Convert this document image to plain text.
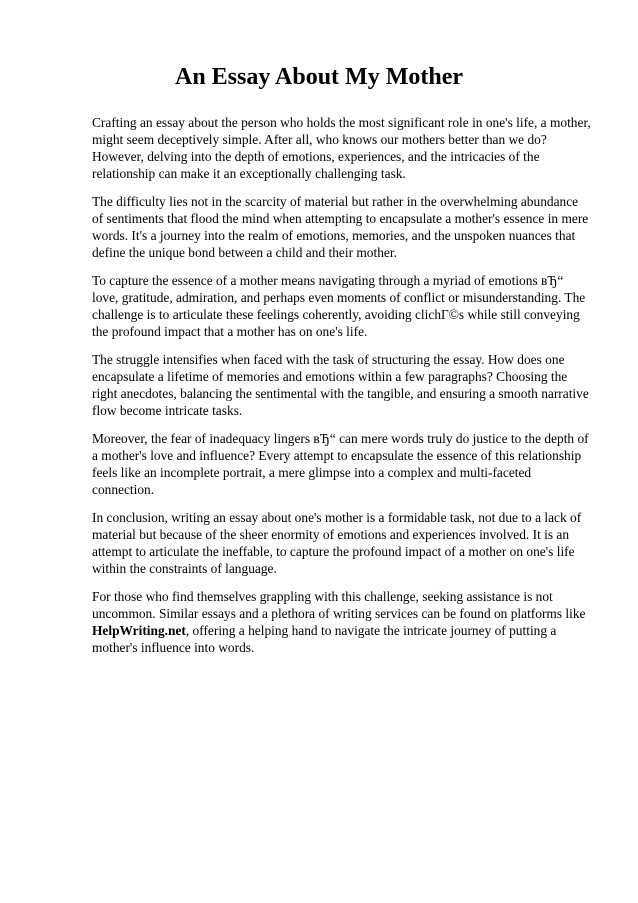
An Essay About My Mother

Crafting an essay about the person who holds the most significant role in one's life, a mother, might seem deceptively simple. After all, who knows our mothers better than we do? However, delving into the depth of emotions, experiences, and the intricacies of the relationship can make it an exceptionally challenging task.

The difficulty lies not in the scarcity of material but rather in the overwhelming abundance of sentiments that flood the mind when attempting to encapsulate a mother's essence in mere words. It's a journey into the realm of emotions, memories, and the unspoken nuances that define the unique bond between a child and their mother.

To capture the essence of a mother means navigating through a myriad of emotions вЂ“ love, gratitude, admiration, and perhaps even moments of conflict or misunderstanding. The challenge is to articulate these feelings coherently, avoiding clichГ©s while still conveying the profound impact that a mother has on one's life.

The struggle intensifies when faced with the task of structuring the essay. How does one encapsulate a lifetime of memories and emotions within a few paragraphs? Choosing the right anecdotes, balancing the sentimental with the tangible, and ensuring a smooth narrative flow become intricate tasks.

Moreover, the fear of inadequacy lingers вЂ“ can mere words truly do justice to the depth of a mother's love and influence? Every attempt to encapsulate the essence of this relationship feels like an incomplete portrait, a mere glimpse into a complex and multi-faceted connection.

In conclusion, writing an essay about one's mother is a formidable task, not due to a lack of material but because of the sheer enormity of emotions and experiences involved. It is an attempt to articulate the ineffable, to capture the profound impact of a mother on one's life within the constraints of language.

For those who find themselves grappling with this challenge, seeking assistance is not uncommon. Similar essays and a plethora of writing services can be found on platforms like HelpWriting.net, offering a helping hand to navigate the intricate journey of putting a mother's influence into words.
